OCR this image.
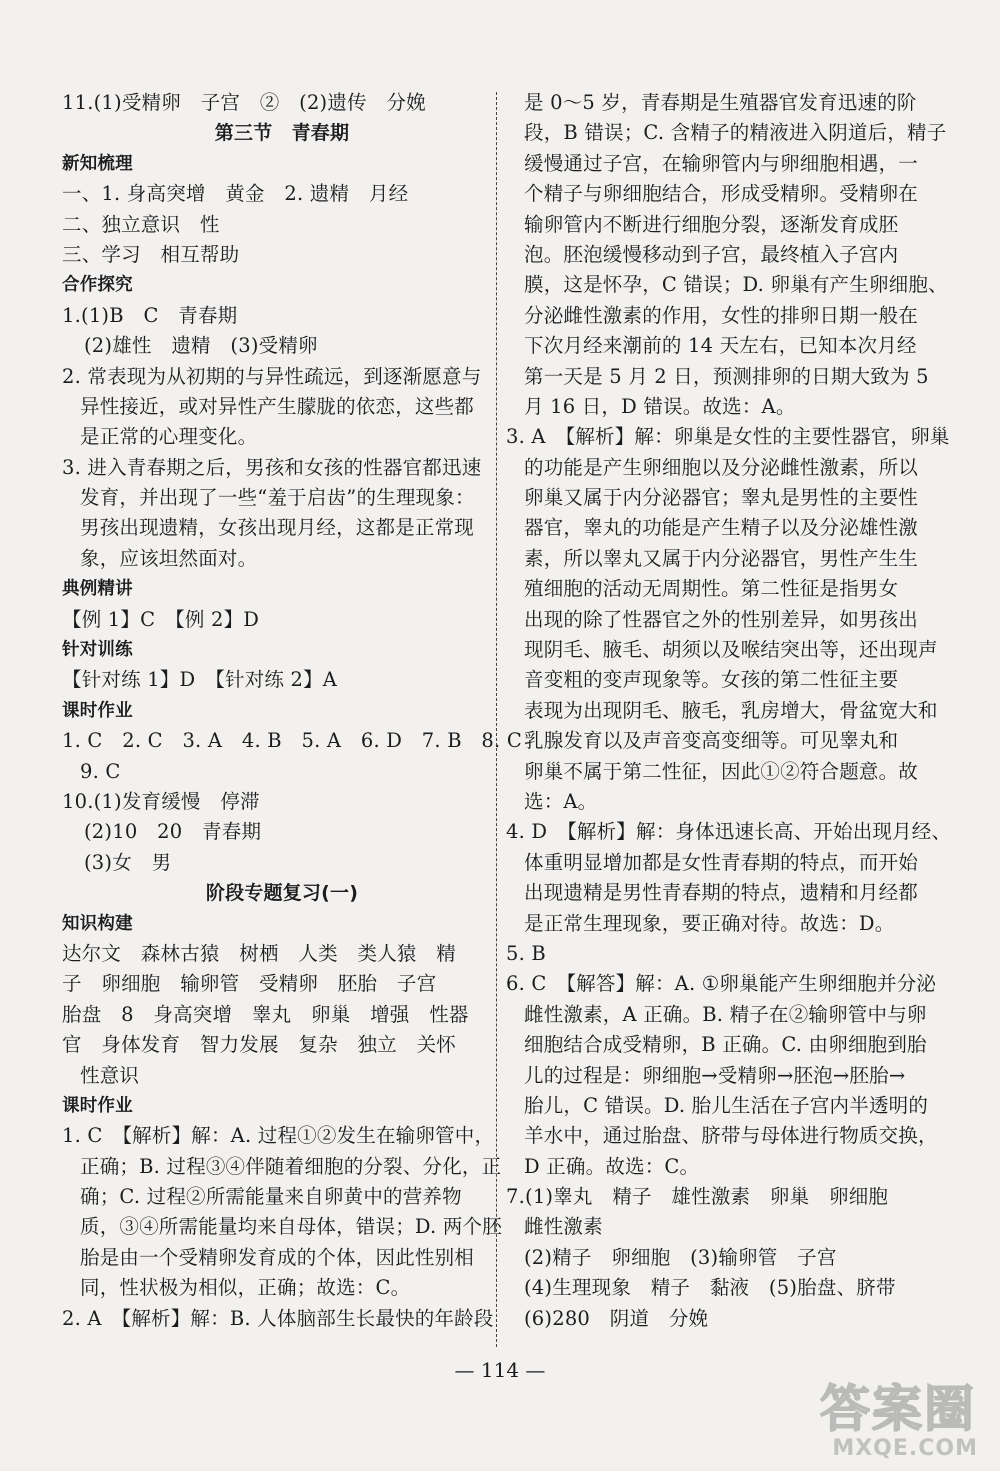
11.(1)受精卵　子宫　②　(2)遗传　分娩
第三节　青春期
新知梳理
一、1. 身高突增　黄金　2. 遗精　月经
二、独立意识　性
三、学习　相互帮助
合作探究
1.(1)B　C　青春期
(2)雄性　遗精　(3)受精卵
2. 常表现为从初期的与异性疏远，到逐渐愿意与
异性接近，或对异性产生朦胧的依恋，这些都
是正常的心理变化。
3. 进入青春期之后，男孩和女孩的性器官都迅速
发育，并出现了一些“羞于启齿”的生理现象：
男孩出现遗精，女孩出现月经，这都是正常现
象，应该坦然面对。
典例精讲
【例 1】C　【例 2】D
针对训练
【针对练 1】D　【针对练 2】A
课时作业
1. C　2. C　3. A　4. B　5. A　6. D　7. B　8. C
9. C
10.(1)发育缓慢　停滞
(2)10　20　青春期
(3)女　男
阶段专题复习(一)
知识构建
达尔文　森林古猿　树栖　人类　类人猿　精
子　卵细胞　输卵管　受精卵　胚胎　子宫
胎盘　8　身高突增　睾丸　卵巢　增强　性器
官　身体发育　智力发展　复杂　独立　关怀
性意识
课时作业
1. C　【解析】解：A. 过程①②发生在输卵管中，
正确；B. 过程③④伴随着细胞的分裂、分化，正
确；C. 过程②所需能量来自卵黄中的营养物
质，③④所需能量均来自母体，错误；D. 两个胚
胎是由一个受精卵发育成的个体，因此性别相
同，性状极为相似，正确；故选：C。
2. A　【解析】解：B. 人体脑部生长最快的年龄段
是 0～5 岁，青春期是生殖器官发育迅速的阶
段，B 错误；C. 含精子的精液进入阴道后，精子
缓慢通过子宫，在输卵管内与卵细胞相遇，一
个精子与卵细胞结合，形成受精卵。受精卵在
输卵管内不断进行细胞分裂，逐渐发育成胚
泡。胚泡缓慢移动到子宫，最终植入子宫内
膜，这是怀孕，C 错误；D. 卵巢有产生卵细胞、
分泌雌性激素的作用，女性的排卵日期一般在
下次月经来潮前的 14 天左右，已知本次月经
第一天是 5 月 2 日，预测排卵的日期大致为 5
月 16 日，D 错误。故选：A。
3. A　【解析】解：卵巢是女性的主要性器官，卵巢
的功能是产生卵细胞以及分泌雌性激素，所以
卵巢又属于内分泌器官；睾丸是男性的主要性
器官，睾丸的功能是产生精子以及分泌雄性激
素，所以睾丸又属于内分泌器官，男性产生生
殖细胞的活动无周期性。第二性征是指男女
出现的除了性器官之外的性别差异，如男孩出
现阴毛、腋毛、胡须以及喉结突出等，还出现声
音变粗的变声现象等。女孩的第二性征主要
表现为出现阴毛、腋毛，乳房增大，骨盆宽大和
乳腺发育以及声音变高变细等。可见睾丸和
卵巢不属于第二性征，因此①②符合题意。故
选：A。
4. D　【解析】解：身体迅速长高、开始出现月经、
体重明显增加都是女性青春期的特点，而开始
出现遗精是男性青春期的特点，遗精和月经都
是正常生理现象，要正确对待。故选：D。
5. B
6. C　【解答】解：A. ①卵巢能产生卵细胞并分泌
雌性激素，A 正确。B. 精子在②输卵管中与卵
细胞结合成受精卵，B 正确。C. 由卵细胞到胎
儿的过程是：卵细胞→受精卵→胚泡→胚胎→
胎儿，C 错误。D. 胎儿生活在子宫内半透明的
羊水中，通过胎盘、脐带与母体进行物质交换，
D 正确。故选：C。
7.(1)睾丸　精子　雄性激素　卵巢　卵细胞
雌性激素
(2)精子　卵细胞　(3)输卵管　子宫
(4)生理现象　精子　黏液　(5)胎盘、脐带
(6)280　阴道　分娩
— 114 —
答案圈
MXQE.COM
